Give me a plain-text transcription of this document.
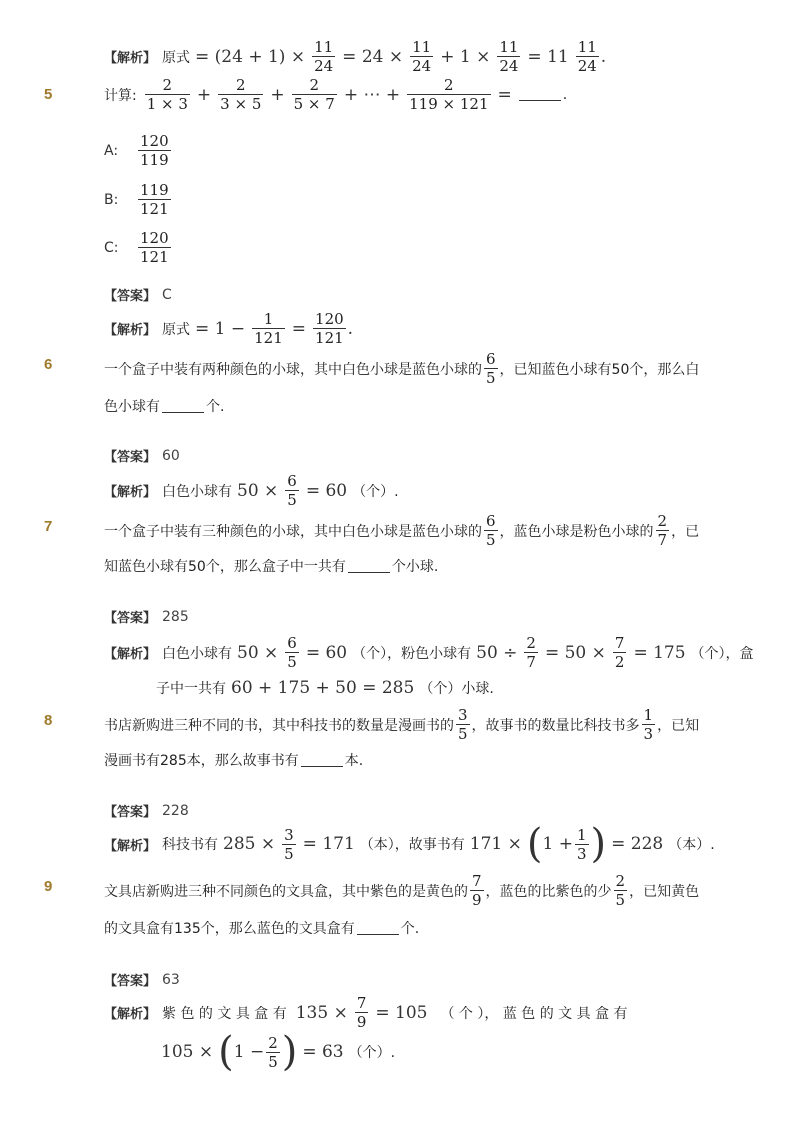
【解析】 原式 = $(24 + 1) \times \frac{11}{24} = 24 \times \frac{11}{24} + 1 \times \frac{11}{24} = 11 \frac{11}{24}$ .
5	计算: $\frac{2}{1 \times 3} + \frac{2}{3 \times 5} + \frac{2}{5 \times 7}$ + ⋯ + $\frac{2}{119 \times 121}$ =	.
A:	$\frac{120}{119}$
B:	$\frac{119}{121}$
C:	$\frac{120}{121}$
【答案】 C
【解析】 原式 = $1 - \frac{1}{121} = \frac{120}{121}$ .
6	一个盒子中装有两种颜色的小球，其中白色小球是蓝色小球的 $\frac{6}{5}$ ，已知蓝色小球有50个，那么白
色小球有	个.
【答案】 60
【解析】 白色小球有 $50 \times \frac{6}{5} = 60$ （个）.
7	一个盒子中装有三种颜色的小球，其中白色小球是蓝色小球的 $\frac{6}{5}$ ，蓝色小球是粉色小球的 $\frac{2}{7}$ ，已
知蓝色小球有50个，那么盒子中一共有	个小球.
【答案】 285
【解析】 白色小球有 $50 \times \frac{6}{5} = 60$ （个），粉色小球有 $50 \div \frac{2}{7} = 50 \times \frac{7}{2} = 175$ （个），盒
子中一共有 60 + 175 + 50 = 285 （个）小球.
8	书店新购进三种不同的书，其中科技书的数量是漫画书的 $\frac{3}{5}$ ，故事书的数量比科技书多 $\frac{1}{3}$ ，已知
漫画书有285本，那么故事书有	本.
【答案】 228
【解析】 科技书有 $285 \times \frac{3}{5} = 171$ （本），故事书有 171 × ( $1 + \frac{1}{3}$ ) = 228 （本）.
9	文具店新购进三种不同颜色的文具盒，其中紫色的是黄色的 $\frac{7}{9}$ ，蓝色的比紫色的少 $\frac{2}{5}$ ，已知黄色
的文具盒有135个，那么蓝色的文具盒有	个.
【答案】 63
【解析】 紫 色 的 文 具 盒 有 $135 \times \frac{7}{9} = 105$ （ 个 ）， 蓝 色 的 文 具 盒 有
105 × ( $1 - \frac{2}{5}$ ) = 63 （个）.
